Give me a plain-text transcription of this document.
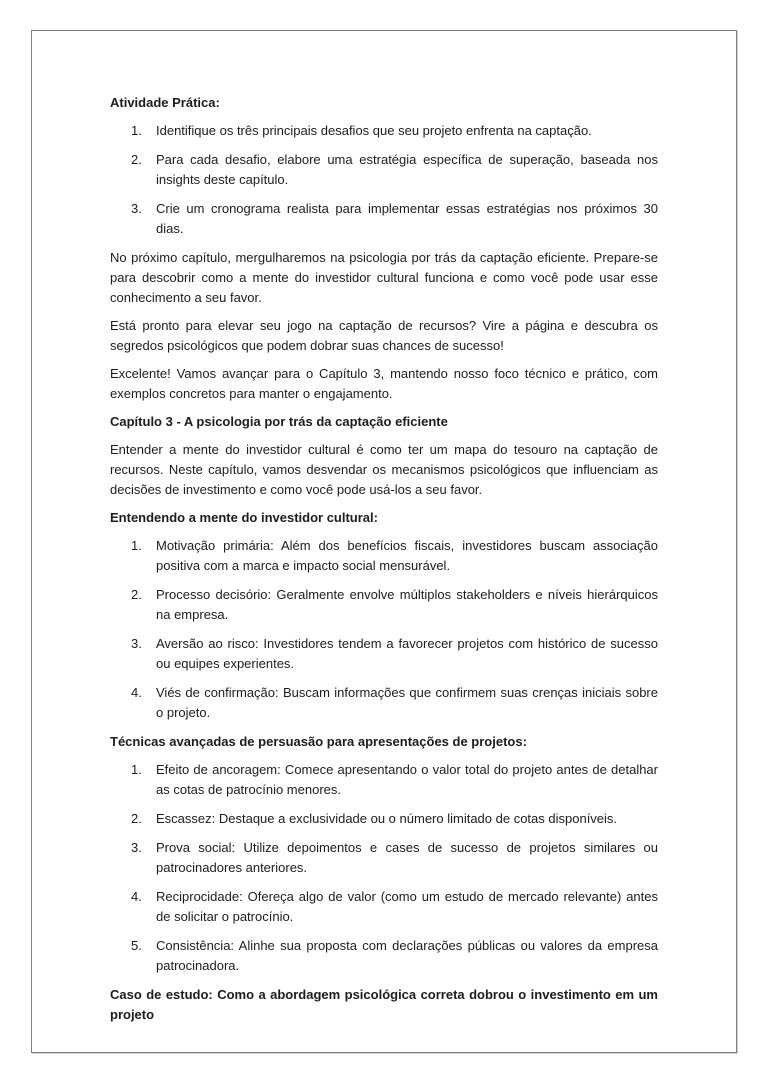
Atividade Prática:
1.	Identifique os três principais desafios que seu projeto enfrenta na captação.
2.	Para cada desafio, elabore uma estratégia específica de superação, baseada nos insights deste capítulo.
3.	Crie um cronograma realista para implementar essas estratégias nos próximos 30 dias.
No próximo capítulo, mergulharemos na psicologia por trás da captação eficiente. Prepare-se para descobrir como a mente do investidor cultural funciona e como você pode usar esse conhecimento a seu favor.
Está pronto para elevar seu jogo na captação de recursos? Vire a página e descubra os segredos psicológicos que podem dobrar suas chances de sucesso!
Excelente! Vamos avançar para o Capítulo 3, mantendo nosso foco técnico e prático, com exemplos concretos para manter o engajamento.
Capítulo 3 - A psicologia por trás da captação eficiente
Entender a mente do investidor cultural é como ter um mapa do tesouro na captação de recursos. Neste capítulo, vamos desvendar os mecanismos psicológicos que influenciam as decisões de investimento e como você pode usá-los a seu favor.
Entendendo a mente do investidor cultural:
1.	Motivação primária: Além dos benefícios fiscais, investidores buscam associação positiva com a marca e impacto social mensurável.
2.	Processo decisório: Geralmente envolve múltiplos stakeholders e níveis hierárquicos na empresa.
3.	Aversão ao risco: Investidores tendem a favorecer projetos com histórico de sucesso ou equipes experientes.
4.	Viés de confirmação: Buscam informações que confirmem suas crenças iniciais sobre o projeto.
Técnicas avançadas de persuasão para apresentações de projetos:
1.	Efeito de ancoragem: Comece apresentando o valor total do projeto antes de detalhar as cotas de patrocínio menores.
2.	Escassez: Destaque a exclusividade ou o número limitado de cotas disponíveis.
3.	Prova social: Utilize depoimentos e cases de sucesso de projetos similares ou patrocinadores anteriores.
4.	Reciprocidade: Ofereça algo de valor (como um estudo de mercado relevante) antes de solicitar o patrocínio.
5.	Consistência: Alinhe sua proposta com declarações públicas ou valores da empresa patrocinadora.
Caso de estudo: Como a abordagem psicológica correta dobrou o investimento em um projeto
